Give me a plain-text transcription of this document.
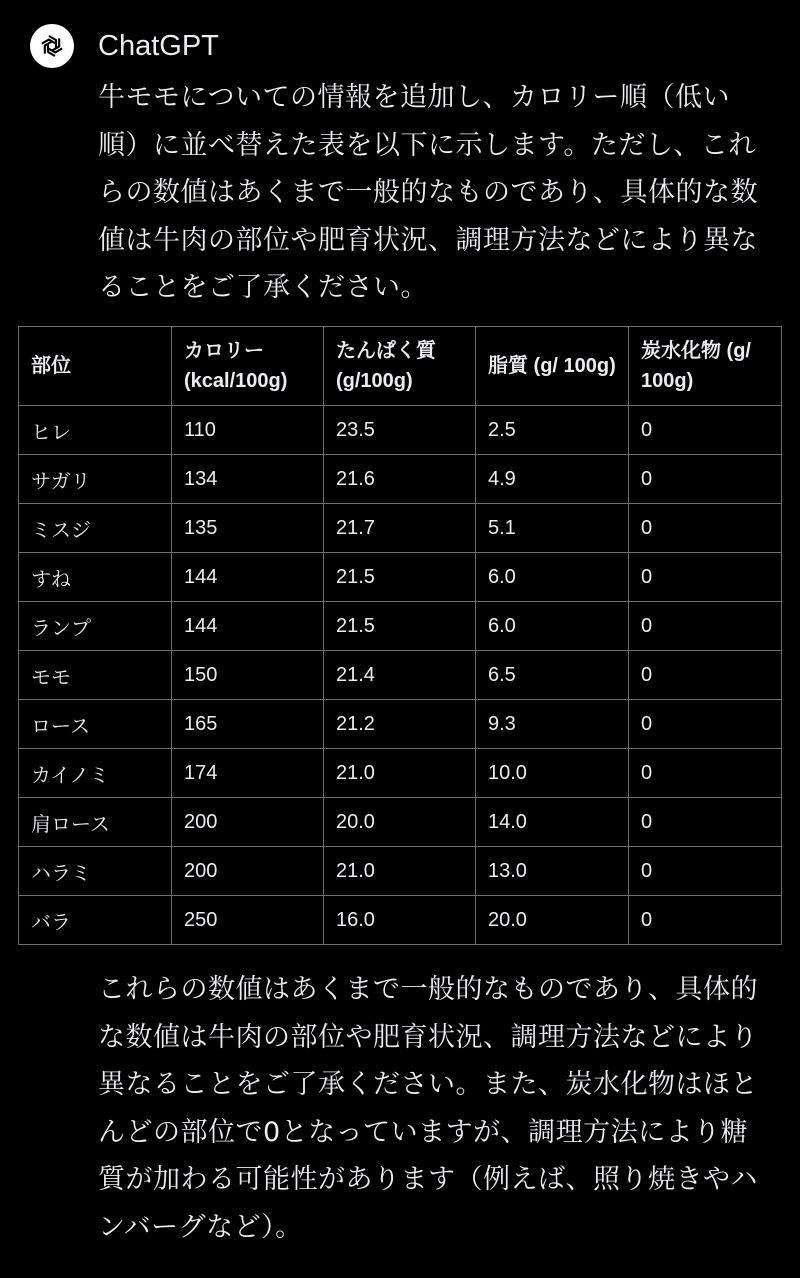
ChatGPT
牛モモについての情報を追加し、カロリー順（低い順）に並べ替えた表を以下に示します。ただし、これらの数値はあくまで一般的なものであり、具体的な数値は牛肉の部位や肥育状況、調理方法などにより異なることをご了承ください。
部位	カロリー (kcal/100g)	たんぱく質 (g/100g)	脂質 (g/ 100g)	炭水化物 (g/ 100g)
ヒレ	110	23.5	2.5	0
サガリ	134	21.6	4.9	0
ミスジ	135	21.7	5.1	0
すね	144	21.5	6.0	0
ランプ	144	21.5	6.0	0
モモ	150	21.4	6.5	0
ロース	165	21.2	9.3	0
カイノミ	174	21.0	10.0	0
肩ロース	200	20.0	14.0	0
ハラミ	200	21.0	13.0	0
バラ	250	16.0	20.0	0
これらの数値はあくまで一般的なものであり、具体的な数値は牛肉の部位や肥育状況、調理方法などにより異なることをご了承ください。また、炭水化物はほとんどの部位で0となっていますが、調理方法により糖質が加わる可能性があります（例えば、照り焼きやハンバーグなど）。
